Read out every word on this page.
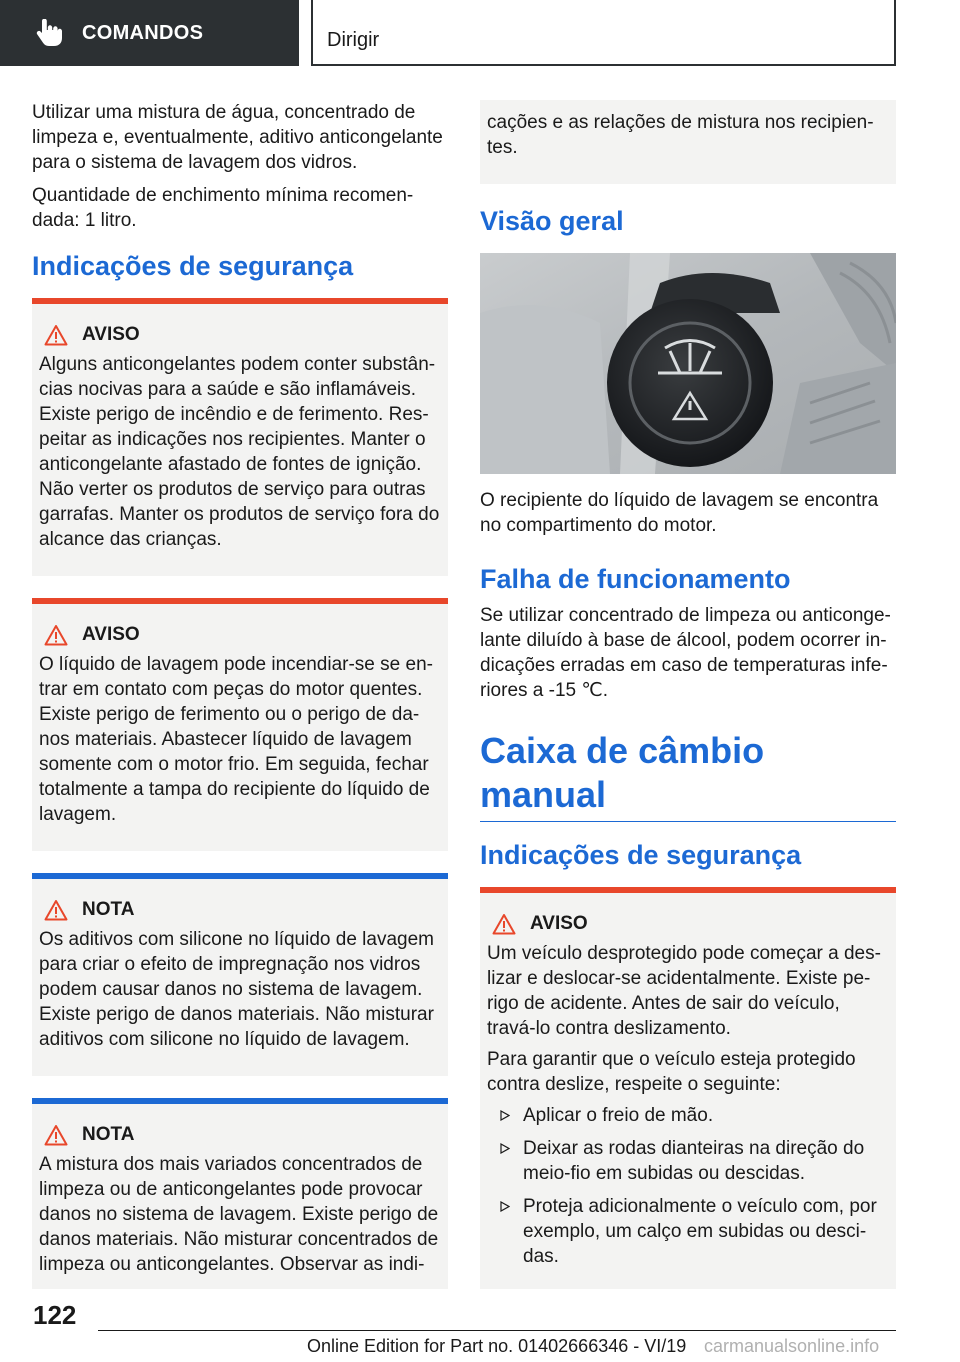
COMANDOS	Dirigir

Utilizar uma mistura de água, concentrado de limpeza e, eventualmente, aditivo anticongelante para o sistema de lavagem dos vidros.

Quantidade de enchimento mínima recomen-dada: 1 litro.

Indicações de segurança
AVISO

Alguns anticongelantes podem conter substân-cias nocivas para a saúde e são inflamáveis. Existe perigo de incêndio e de ferimento. Res-peitar as indicações nos recipientes. Manter o anticongelante afastado de fontes de ignição. Não verter os produtos de serviço para outras garrafas. Manter os produtos de serviço fora do alcance das crianças.

AVISO

O líquido de lavagem pode incendiar-se se en-trar em contato com peças do motor quentes. Existe perigo de ferimento ou o perigo de da-nos materiais. Abastecer líquido de lavagem somente com o motor frio. Em seguida, fechar totalmente a tampa do recipiente do líquido de lavagem.

NOTA

Os aditivos com silicone no líquido de lavagem para criar o efeito de impregnação nos vidros podem causar danos no sistema de lavagem. Existe perigo de danos materiais. Não misturar aditivos com silicone no líquido de lavagem.

NOTA

A mistura dos mais variados concentrados de limpeza ou de anticongelantes pode provocar danos no sistema de lavagem. Existe perigo de danos materiais. Não misturar concentrados de limpeza ou anticongelantes. Observar as indi-

cações e as relações de mistura nos recipien-tes.

Visão geral

O recipiente do líquido de lavagem se encontra no compartimento do motor.

Falha de funcionamento

Se utilizar concentrado de limpeza ou anticonge-lante diluído à base de álcool, podem ocorrer in-dicações erradas em caso de temperaturas infe-riores a -15 ℃.

Caixa de câmbio manual
Indicações de segurança
AVISO

Um veículo desprotegido pode começar a des-lizar e deslocar-se acidentalmente. Existe pe-rigo de acidente. Antes de sair do veículo, travá-lo contra deslizamento.

Para garantir que o veículo esteja protegido contra deslize, respeite o seguinte:

Aplicar o freio de mão.
Deixar as rodas dianteiras na direção do meio-fio em subidas ou descidas.
Proteja adicionalmente o veículo com, por exemplo, um calço em subidas ou desci-das.
122
Online Edition for Part no. 01402666346 - VI/19 carmanualsonline.info
